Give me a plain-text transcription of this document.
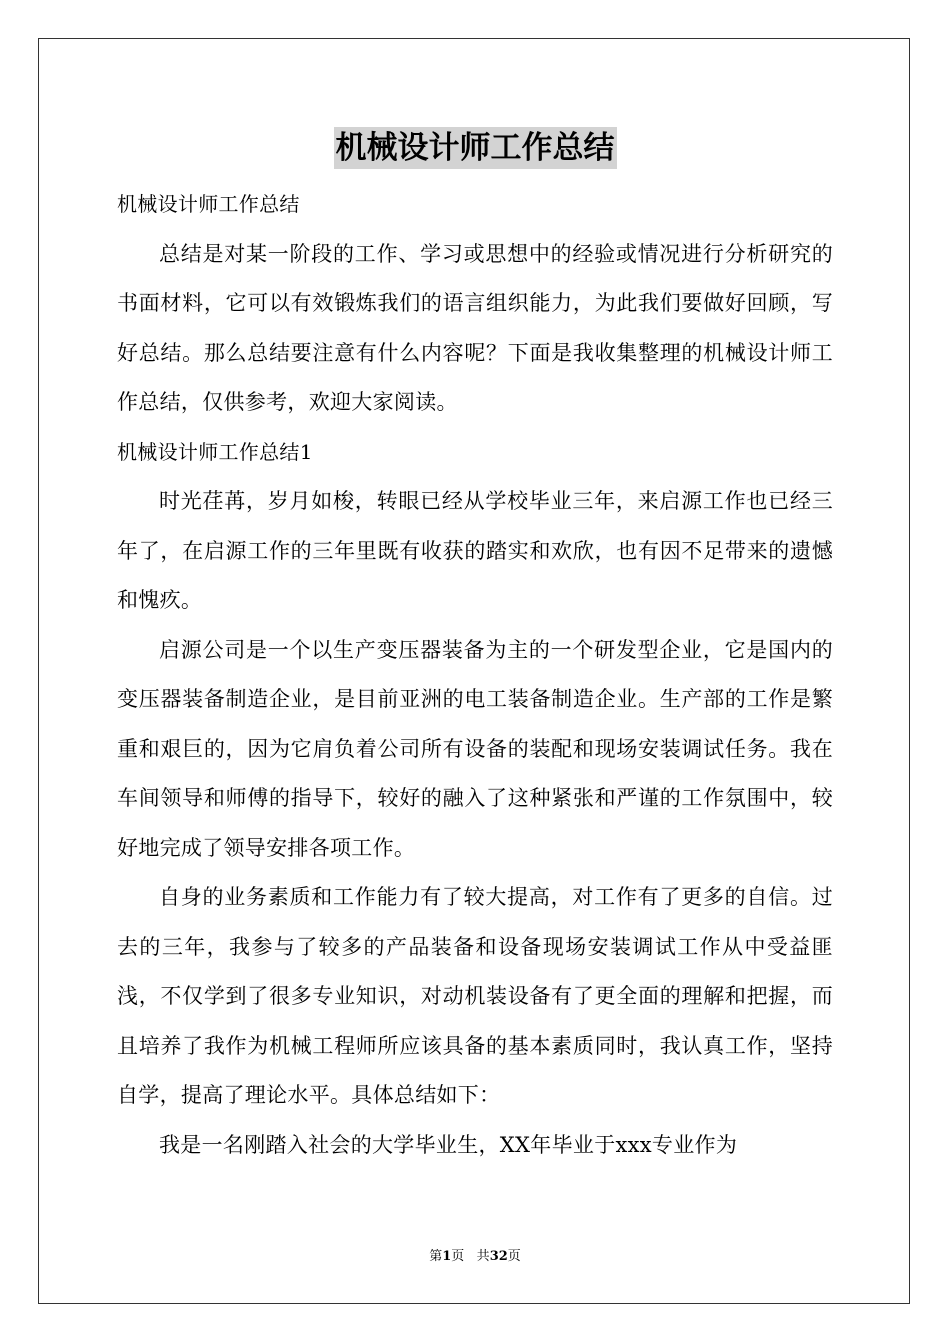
机械设计师工作总结

机械设计师工作总结

总结是对某一阶段的工作、学习或思想中的经验或情况进行分析研究的书面材料，它可以有效锻炼我们的语言组织能力，为此我们要做好回顾，写好总结。那么总结要注意有什么内容呢？下面是我收集整理的机械设计师工作总结，仅供参考，欢迎大家阅读。

机械设计师工作总结1

时光荏苒，岁月如梭，转眼已经从学校毕业三年，来启源工作也已经三年了，在启源工作的三年里既有收获的踏实和欢欣，也有因不足带来的遗憾和愧疚。

启源公司是一个以生产变压器装备为主的一个研发型企业，它是国内的变压器装备制造企业，是目前亚洲的电工装备制造企业。生产部的工作是繁重和艰巨的，因为它肩负着公司所有设备的装配和现场安装调试任务。我在车间领导和师傅的指导下，较好的融入了这种紧张和严谨的工作氛围中，较好地完成了领导安排各项工作。

自身的业务素质和工作能力有了较大提高，对工作有了更多的自信。过去的三年，我参与了较多的产品装备和设备现场安装调试工作从中受益匪浅，不仅学到了很多专业知识，对动机装设备有了更全面的理解和把握，而且培养了我作为机械工程师所应该具备的基本素质同时，我认真工作，坚持自学，提高了理论水平。具体总结如下：

我是一名刚踏入社会的大学毕业生，XX年毕业于xxx专业作为

第1页 共32页
